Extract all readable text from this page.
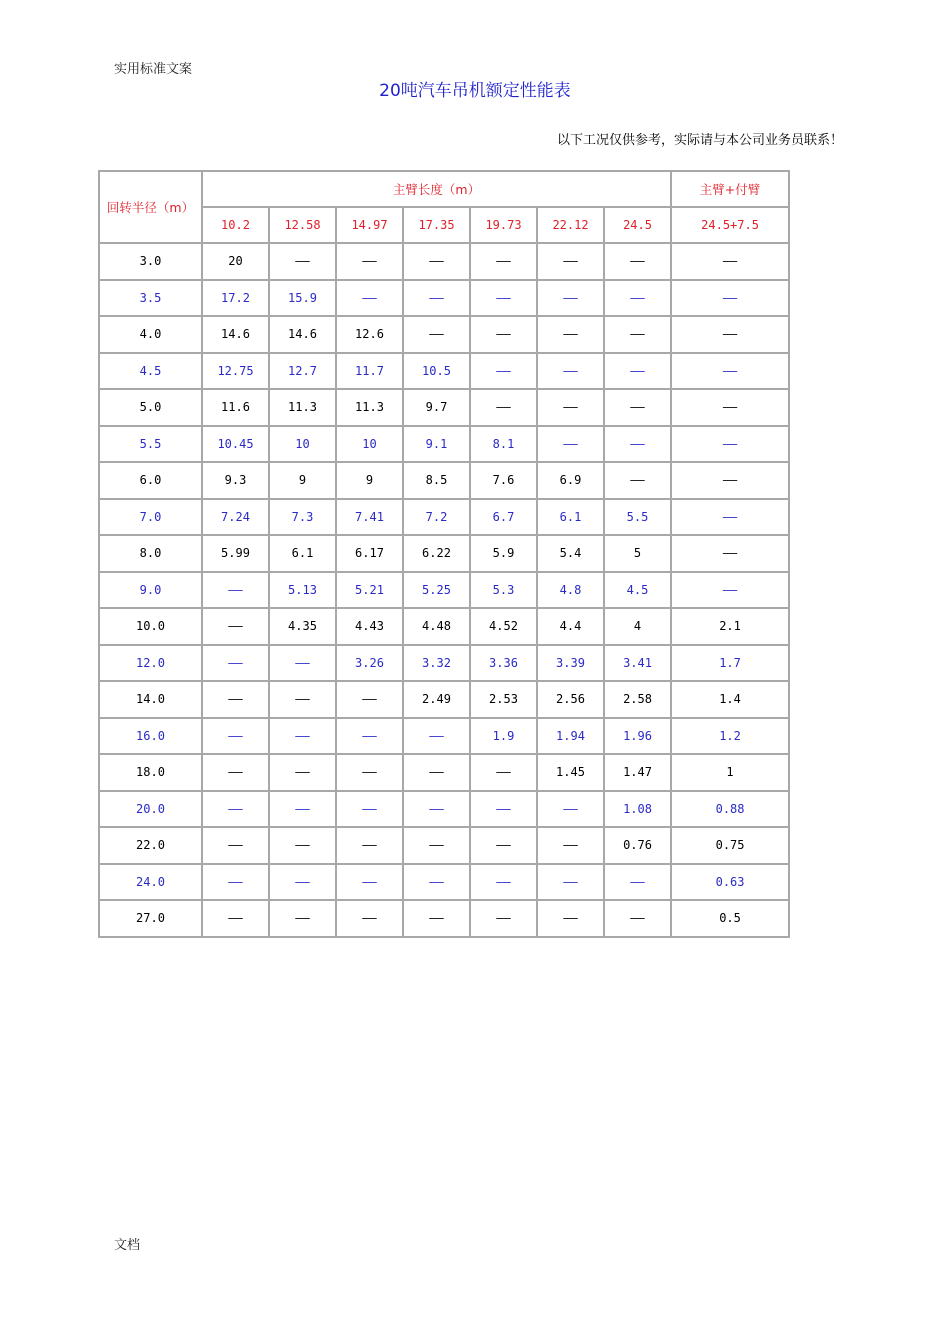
实用标准文案
20吨汽车吊机额定性能表
以下工况仅供参考，实际请与本公司业务员联系！
回转半径（m）	主臂长度（m）							主臂+付臂
	10.2	12.58	14.97	17.35	19.73	22.12	24.5	24.5+7.5
3.0	20	——	——	——	——	——	——	——
3.5	17.2	15.9	——	——	——	——	——	——
4.0	14.6	14.6	12.6	——	——	——	——	——
4.5	12.75	12.7	11.7	10.5	——	——	——	——
5.0	11.6	11.3	11.3	9.7	——	——	——	——
5.5	10.45	10	10	9.1	8.1	——	——	——
6.0	9.3	9	9	8.5	7.6	6.9	——	——
7.0	7.24	7.3	7.41	7.2	6.7	6.1	5.5	——
8.0	5.99	6.1	6.17	6.22	5.9	5.4	5	——
9.0	——	5.13	5.21	5.25	5.3	4.8	4.5	——
10.0	——	4.35	4.43	4.48	4.52	4.4	4	2.1
12.0	——	——	3.26	3.32	3.36	3.39	3.41	1.7
14.0	——	——	——	2.49	2.53	2.56	2.58	1.4
16.0	——	——	——	——	1.9	1.94	1.96	1.2
18.0	——	——	——	——	——	1.45	1.47	1
20.0	——	——	——	——	——	——	1.08	0.88
22.0	——	——	——	——	——	——	0.76	0.75
24.0	——	——	——	——	——	——	——	0.63
27.0	——	——	——	——	——	——	——	0.5
文档
